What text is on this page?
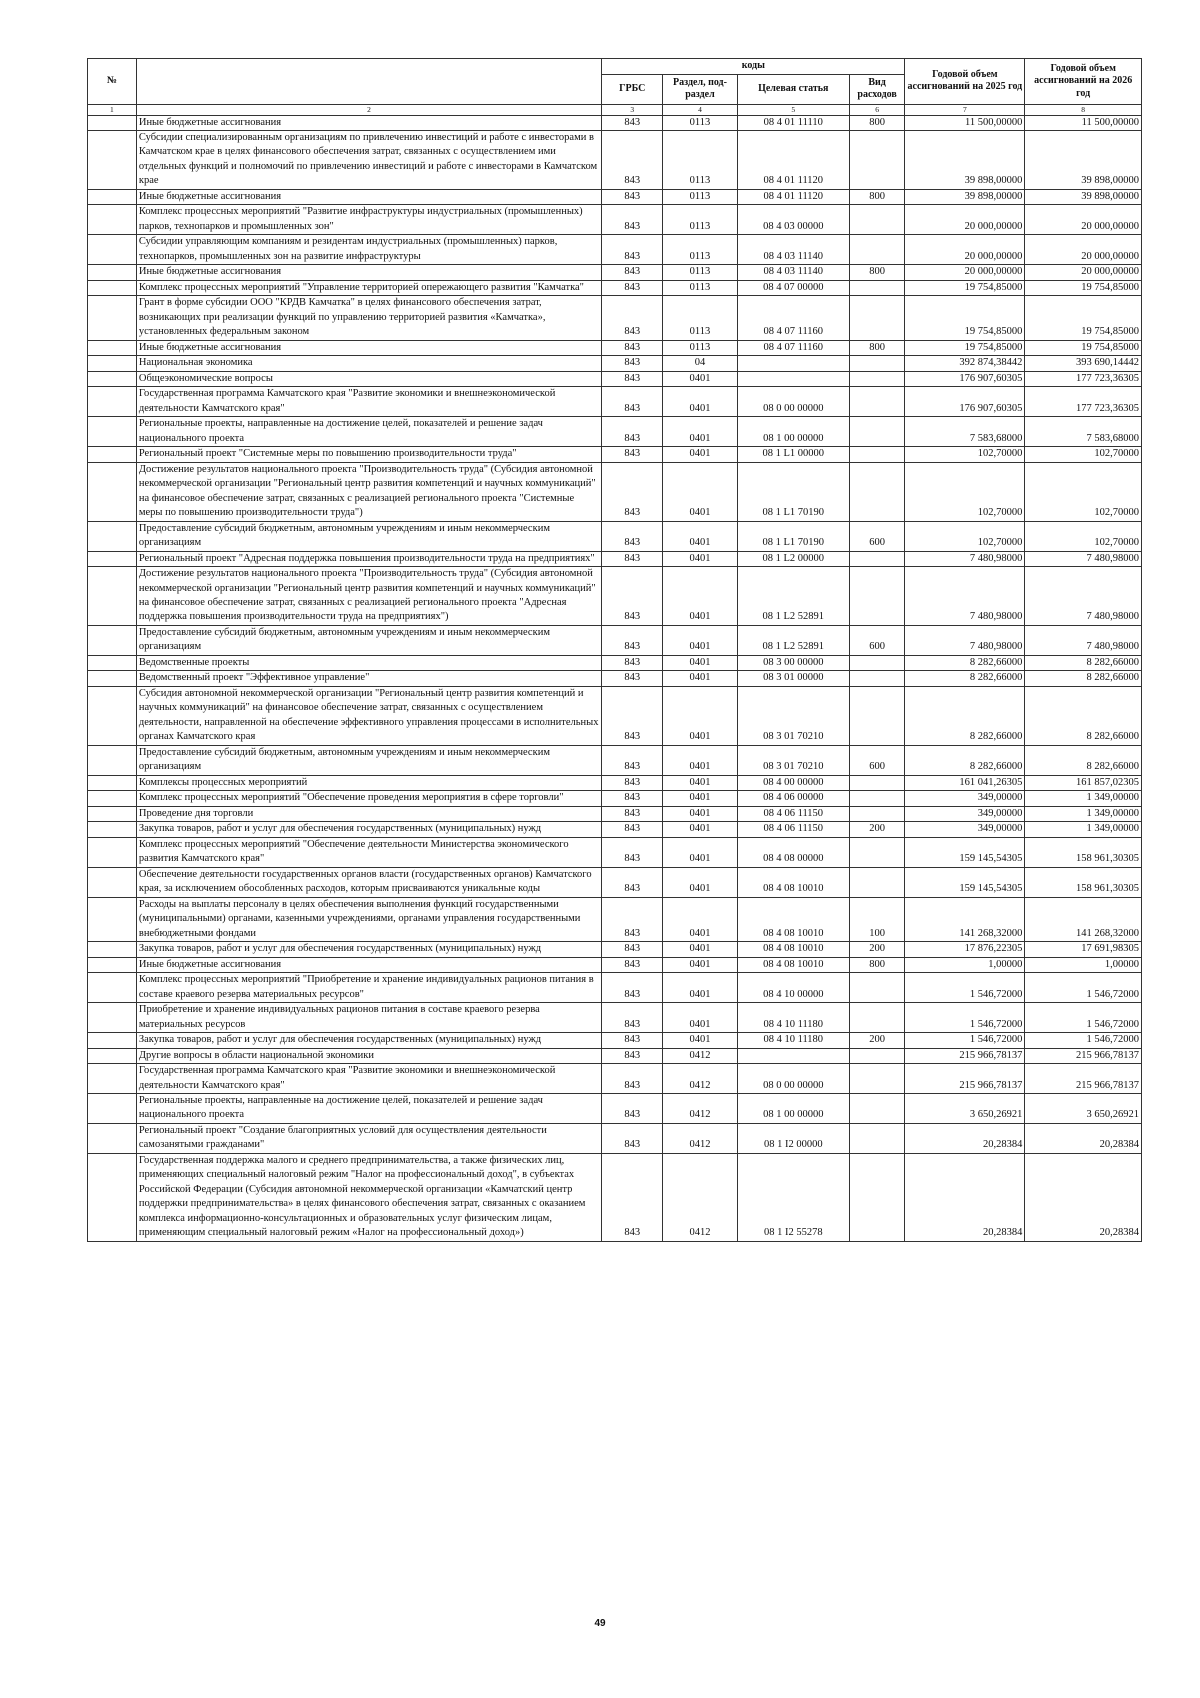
№		коды				Годовой объем ассигнований на 2025 год	Годовой объем ассигнований на 2026 год
		ГРБС	Раздел, под-раздел	Целевая статья	Вид расходов		
1	2	3	4	5	6	7	8
	Иные бюджетные ассигнования	843	0113	08 4 01 11110	800	11 500,00000	11 500,00000
	Субсидии специализированным организациям по привлечению инвестиций и работе с инвесторами в Камчатском крае в целях финансового обеспечения затрат, связанных с осуществлением ими отдельных функций и полномочий по привлечению инвестиций и работе с инвесторами в Камчатском крае	843	0113	08 4 01 11120		39 898,00000	39 898,00000
	Иные бюджетные ассигнования	843	0113	08 4 01 11120	800	39 898,00000	39 898,00000
	Комплекс процессных мероприятий "Развитие инфраструктуры индустриальных (промышленных) парков, технопарков и промышленных зон"	843	0113	08 4 03 00000		20 000,00000	20 000,00000
	Субсидии управляющим компаниям и резидентам индустриальных (промышленных) парков, технопарков, промышленных зон на развитие инфраструктуры	843	0113	08 4 03 11140		20 000,00000	20 000,00000
	Иные бюджетные ассигнования	843	0113	08 4 03 11140	800	20 000,00000	20 000,00000
	Комплекс процессных мероприятий "Управление территорией опережающего развития "Камчатка"	843	0113	08 4 07 00000		19 754,85000	19 754,85000
	Грант в форме субсидии ООО "КРДВ Камчатка" в целях финансового обеспечения затрат, возникающих при реализации функций по управлению территорией развития «Камчатка», установленных федеральным законом	843	0113	08 4 07 11160		19 754,85000	19 754,85000
	Иные бюджетные ассигнования	843	0113	08 4 07 11160	800	19 754,85000	19 754,85000
	Национальная экономика	843	04			392 874,38442	393 690,14442
	Общеэкономические вопросы	843	0401			176 907,60305	177 723,36305
	Государственная программа Камчатского края "Развитие экономики и внешнеэкономической деятельности Камчатского края"	843	0401	08 0 00 00000		176 907,60305	177 723,36305
	Региональные проекты, направленные на достижение целей, показателей и решение задач национального проекта	843	0401	08 1 00 00000		7 583,68000	7 583,68000
	Региональный проект "Системные меры по повышению производительности труда"	843	0401	08 1 L1 00000		102,70000	102,70000
	Достижение результатов национального проекта "Производительность труда" (Субсидия автономной некоммерческой организации "Региональный центр развития компетенций и научных коммуникаций" на финансовое обеспечение затрат, связанных с реализацией регионального проекта "Системные меры по повышению производительности труда")	843	0401	08 1 L1 70190		102,70000	102,70000
	Предоставление субсидий бюджетным, автономным учреждениям и иным некоммерческим организациям	843	0401	08 1 L1 70190	600	102,70000	102,70000
	Региональный проект "Адресная поддержка повышения производительности труда на предприятиях"	843	0401	08 1 L2 00000		7 480,98000	7 480,98000
	Достижение результатов национального проекта "Производительность труда" (Субсидия автономной некоммерческой организации "Региональный центр развития компетенций и научных коммуникаций" на финансовое обеспечение затрат, связанных с реализацией регионального проекта "Адресная поддержка повышения производительности труда на предприятиях")	843	0401	08 1 L2 52891		7 480,98000	7 480,98000
	Предоставление субсидий бюджетным, автономным учреждениям и иным некоммерческим организациям	843	0401	08 1 L2 52891	600	7 480,98000	7 480,98000
	Ведомственные проекты	843	0401	08 3 00 00000		8 282,66000	8 282,66000
	Ведомственный проект "Эффективное управление"	843	0401	08 3 01 00000		8 282,66000	8 282,66000
	Субсидия автономной некоммерческой организации "Региональный центр развития компетенций и научных коммуникаций" на финансовое обеспечение затрат, связанных с осуществлением деятельности, направленной на обеспечение эффективного управления процессами в исполнительных органах Камчатского края	843	0401	08 3 01 70210		8 282,66000	8 282,66000
	Предоставление субсидий бюджетным, автономным учреждениям и иным некоммерческим организациям	843	0401	08 3 01 70210	600	8 282,66000	8 282,66000
	Комплексы процессных мероприятий	843	0401	08 4 00 00000		161 041,26305	161 857,02305
	Комплекс процессных мероприятий "Обеспечение проведения мероприятия в сфере торговли"	843	0401	08 4 06 00000		349,00000	1 349,00000
	Проведение дня торговли	843	0401	08 4 06 11150		349,00000	1 349,00000
	Закупка товаров, работ и услуг для обеспечения государственных (муниципальных) нужд	843	0401	08 4 06 11150	200	349,00000	1 349,00000
	Комплекс процессных мероприятий "Обеспечение деятельности Министерства экономического развития Камчатского края"	843	0401	08 4 08 00000		159 145,54305	158 961,30305
	Обеспечение деятельности государственных органов власти (государственных органов) Камчатского края, за исключением обособленных расходов, которым присваиваются уникальные коды	843	0401	08 4 08 10010		159 145,54305	158 961,30305
	Расходы на выплаты персоналу в целях обеспечения выполнения функций государственными (муниципальными) органами, казенными учреждениями, органами управления государственными внебюджетными фондами	843	0401	08 4 08 10010	100	141 268,32000	141 268,32000
	Закупка товаров, работ и услуг для обеспечения государственных (муниципальных) нужд	843	0401	08 4 08 10010	200	17 876,22305	17 691,98305
	Иные бюджетные ассигнования	843	0401	08 4 08 10010	800	1,00000	1,00000
	Комплекс процессных мероприятий "Приобретение и хранение индивидуальных рационов питания в составе краевого резерва материальных ресурсов"	843	0401	08 4 10 00000		1 546,72000	1 546,72000
	Приобретение и хранение индивидуальных рационов питания в составе краевого резерва материальных ресурсов	843	0401	08 4 10 11180		1 546,72000	1 546,72000
	Закупка товаров, работ и услуг для обеспечения государственных (муниципальных) нужд	843	0401	08 4 10 11180	200	1 546,72000	1 546,72000
	Другие вопросы в области национальной экономики	843	0412			215 966,78137	215 966,78137
	Государственная программа Камчатского края "Развитие экономики и внешнеэкономической деятельности Камчатского края"	843	0412	08 0 00 00000		215 966,78137	215 966,78137
	Региональные проекты, направленные на достижение целей, показателей и решение задач национального проекта	843	0412	08 1 00 00000		3 650,26921	3 650,26921
	Региональный проект "Создание благоприятных условий для осуществления деятельности самозанятыми гражданами"	843	0412	08 1 I2 00000		20,28384	20,28384
	Государственная поддержка малого и среднего предпринимательства, а также физических лиц, применяющих специальный налоговый режим "Налог на профессиональный доход", в субъектах Российской Федерации (Субсидия автономной некоммерческой организации «Камчатский центр поддержки предпринимательства» в целях финансового обеспечения затрат, связанных с оказанием комплекса информационно-консультационных и образовательных услуг физическим лицам, применяющим специальный налоговый режим «Налог на профессиональный доход»)	843	0412	08 1 I2 55278		20,28384	20,28384
49
